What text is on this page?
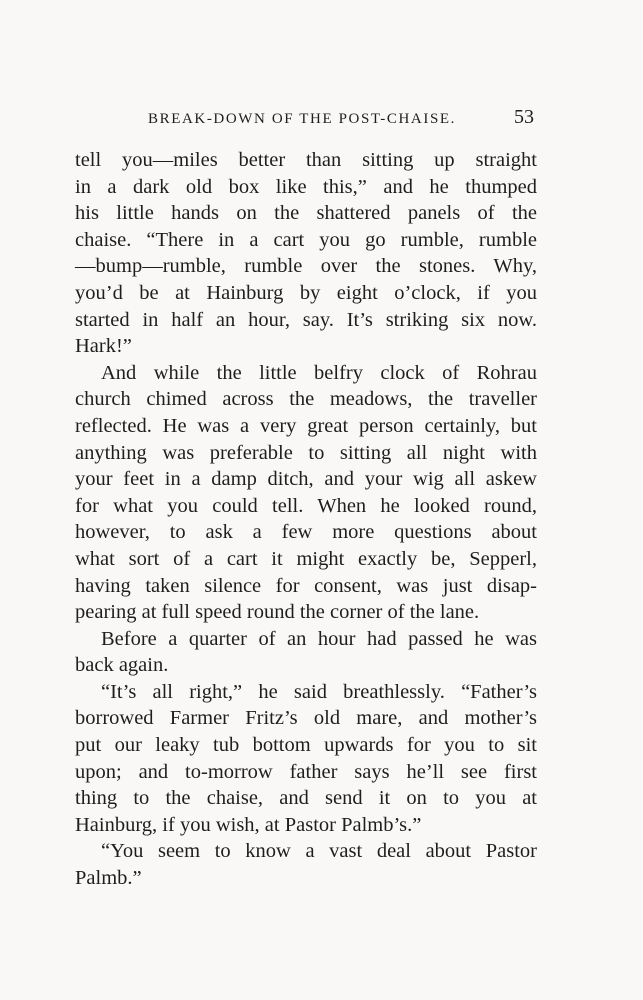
BREAK-DOWN OF THE POST-CHAISE.	53
tell you—miles better than sitting up straight
in a dark old box like this,” and he thumped
his little hands on the shattered panels of the
chaise. “There in a cart you go rumble, rumble
—bump—rumble, rumble over the stones. Why,
you’d be at Hainburg by eight o’clock, if you
started in half an hour, say. It’s striking six now.
Hark!”
And while the little belfry clock of Rohrau
church chimed across the meadows, the traveller
reflected. He was a very great person certainly, but
anything was preferable to sitting all night with
your feet in a damp ditch, and your wig all askew
for what you could tell. When he looked round,
however, to ask a few more questions about
what sort of a cart it might exactly be, Sepperl,
having taken silence for consent, was just disap-
pearing at full speed round the corner of the lane.
Before a quarter of an hour had passed he was
back again.
“It’s all right,” he said breathlessly. “Father’s
borrowed Farmer Fritz’s old mare, and mother’s
put our leaky tub bottom upwards for you to sit
upon; and to-morrow father says he’ll see first
thing to the chaise, and send it on to you at
Hainburg, if you wish, at Pastor Palmb’s.”
“You seem to know a vast deal about Pastor
Palmb.”
